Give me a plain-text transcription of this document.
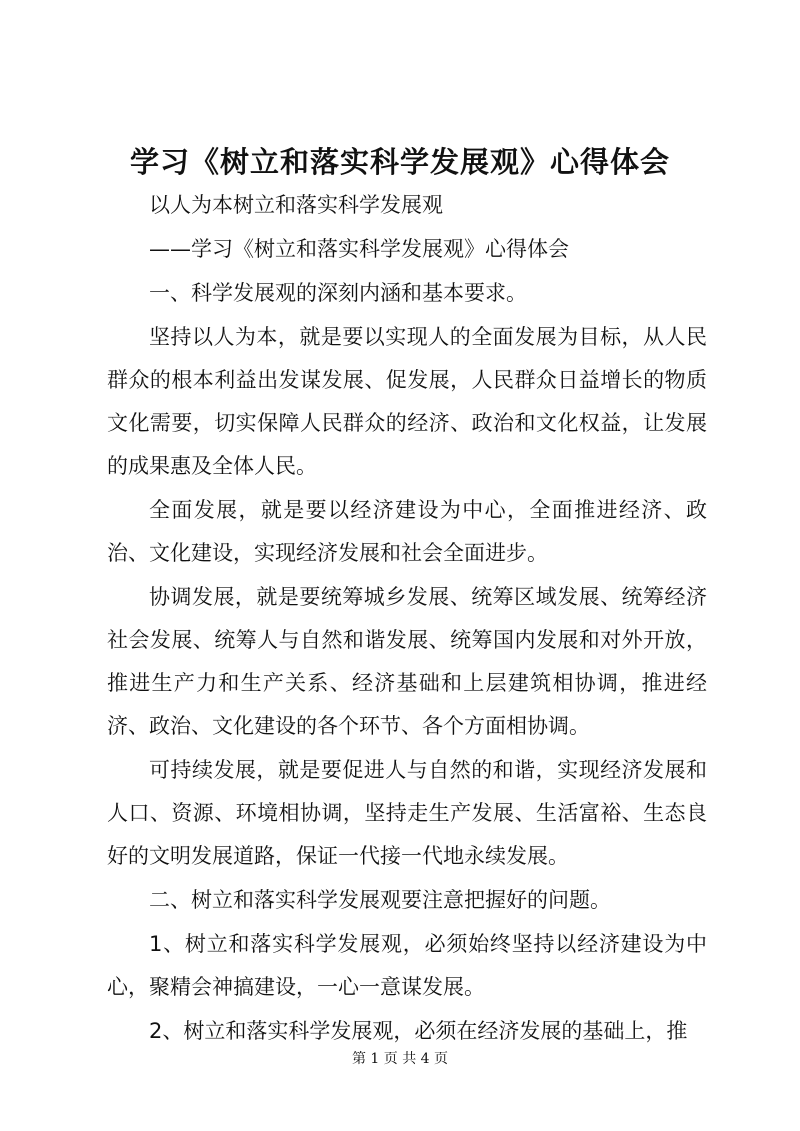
学习《树立和落实科学发展观》心得体会

以人为本树立和落实科学发展观

——学习《树立和落实科学发展观》心得体会

一、科学发展观的深刻内涵和基本要求。

坚持以人为本，就是要以实现人的全面发展为目标，从人民群众的根本利益出发谋发展、促发展，人民群众日益增长的物质文化需要，切实保障人民群众的经济、政治和文化权益，让发展的成果惠及全体人民。

全面发展，就是要以经济建设为中心，全面推进经济、政治、文化建设，实现经济发展和社会全面进步。

协调发展，就是要统筹城乡发展、统筹区域发展、统筹经济社会发展、统筹人与自然和谐发展、统筹国内发展和对外开放，推进生产力和生产关系、经济基础和上层建筑相协调，推进经济、政治、文化建设的各个环节、各个方面相协调。

可持续发展，就是要促进人与自然的和谐，实现经济发展和人口、资源、环境相协调，坚持走生产发展、生活富裕、生态良好的文明发展道路，保证一代接一代地永续发展。

二、树立和落实科学发展观要注意把握好的问题。

1、树立和落实科学发展观，必须始终坚持以经济建设为中心，聚精会神搞建设，一心一意谋发展。

2、树立和落实科学发展观，必须在经济发展的基础上，推

第 1 页 共 4 页
